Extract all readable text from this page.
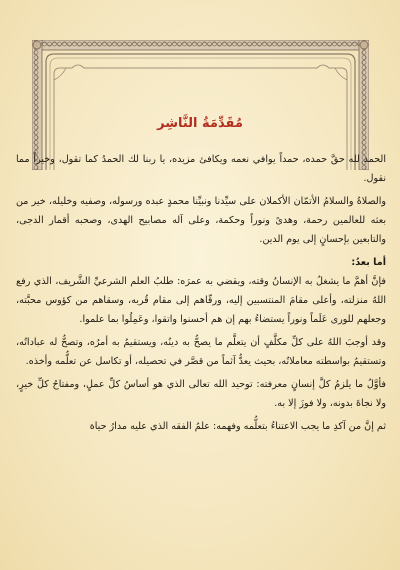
مُقَدِّمَةُ النَّاشِر

الحمد لله حقَّ حمده، حمداً يوافي نعمه ويكافئ مزيده، يا ربنا لك الحمدُ كما تقول، وخيراً مما نقول.

والصلاةُ والسلامُ الأتمّان الأكملان على سيِّدنا ونبيِّنا محمدٍ عبده ورسوله، وصفيه وخليله، خير من بعثه للعالمين رحمة، وهدىً ونوراً وحكمة، وعلى آله مصابيح الهدى، وصحبه أقمار الدجى، والتابعين بإحسانٍ إلى يوم الدين.

أما بعدُ:

فإنَّ أهمَّ ما يشغلُ به الإنسانُ وقته، ويقضي به عمرَه: طلبُ العلم الشرعيِّ الشَّريف، الذي رفع اللهُ منزلته، وأعلى مقامَ المنتسبين إليه، ورقّاهم إلى مقام قُربه، وسقاهم من كؤوس محبَّته، وجعلهم للورى عَلَماً ونوراً يستضاءُ بهم إن هم أحسنوا واتقوا، وعَمِلُوا بما علموا.

وقد أوجبَ اللهُ على كلِّ مكلَّفٍ أن يتعلَّم ما يصحُّ به دينُه، ويستقيمُ به أمرُه، وتصحُّ له عباداتُه، وتستقيمُ بواسطته معاملاتُه، بحيث يعدُّ آثماً من قصَّر في تحصيله، أو تكاسل عن تعلُّمه وأخذه.

فأوَّلُ ما يلزمُ كلَّ إنسانٍ معرفته: توحيد الله تعالى الذي هو أساسُ كلِّ عملٍ، ومفتاحُ كلِّ خيرٍ، ولا نجاةَ بدونه، ولا فوزَ إلا به.

ثم إنَّ من آكدِ ما يجب الاعتناءُ بتعلُّمه وفهمه: علمُ الفقه الذي عليه مدارُ حياة
